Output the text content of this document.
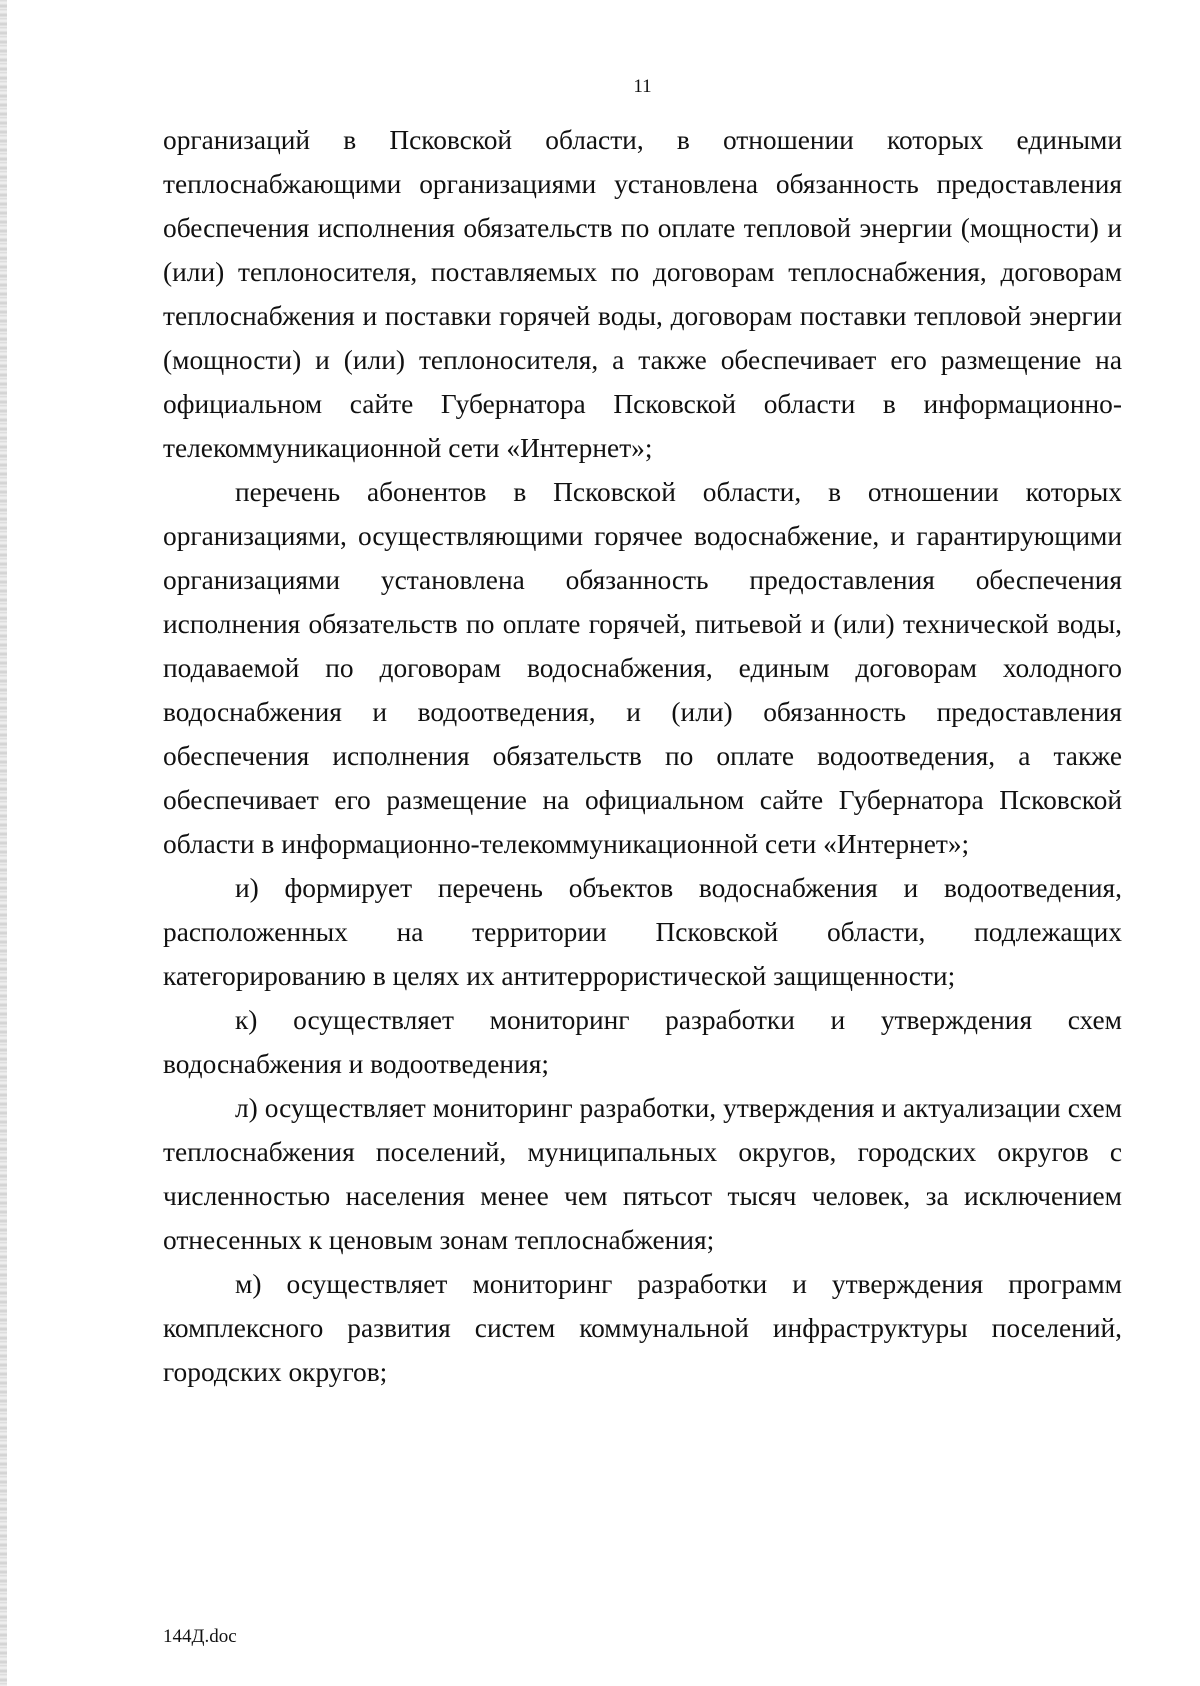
11

организаций в Псковской области, в отношении которых едиными теплоснабжающими организациями установлена обязанность предоставления обеспечения исполнения обязательств по оплате тепловой энергии (мощности) и (или) теплоносителя, поставляемых по договорам теплоснабжения, договорам теплоснабжения и поставки горячей воды, договорам поставки тепловой энергии (мощности) и (или) теплоносителя, а также обеспечивает его размещение на официальном сайте Губернатора Псковской области в информационно-телекоммуникационной сети «Интернет»;

перечень абонентов в Псковской области, в отношении которых организациями, осуществляющими горячее водоснабжение, и гарантирующими организациями установлена обязанность предоставления обеспечения исполнения обязательств по оплате горячей, питьевой и (или) технической воды, подаваемой по договорам водоснабжения, единым договорам холодного водоснабжения и водоотведения, и (или) обязанность предоставления обеспечения исполнения обязательств по оплате водоотведения, а также обеспечивает его размещение на официальном сайте Губернатора Псковской области в информационно-телекоммуникационной сети «Интернет»;

и) формирует перечень объектов водоснабжения и водоотведения, расположенных на территории Псковской области, подлежащих категорированию в целях их антитеррористической защищенности;

к) осуществляет мониторинг разработки и утверждения схем водоснабжения и водоотведения;

л) осуществляет мониторинг разработки, утверждения и актуализации схем теплоснабжения поселений, муниципальных округов, городских округов с численностью населения менее чем пятьсот тысяч человек, за исключением отнесенных к ценовым зонам теплоснабжения;

м) осуществляет мониторинг разработки и утверждения программ комплексного развития систем коммунальной инфраструктуры поселений, городских округов;

144Д.doc
